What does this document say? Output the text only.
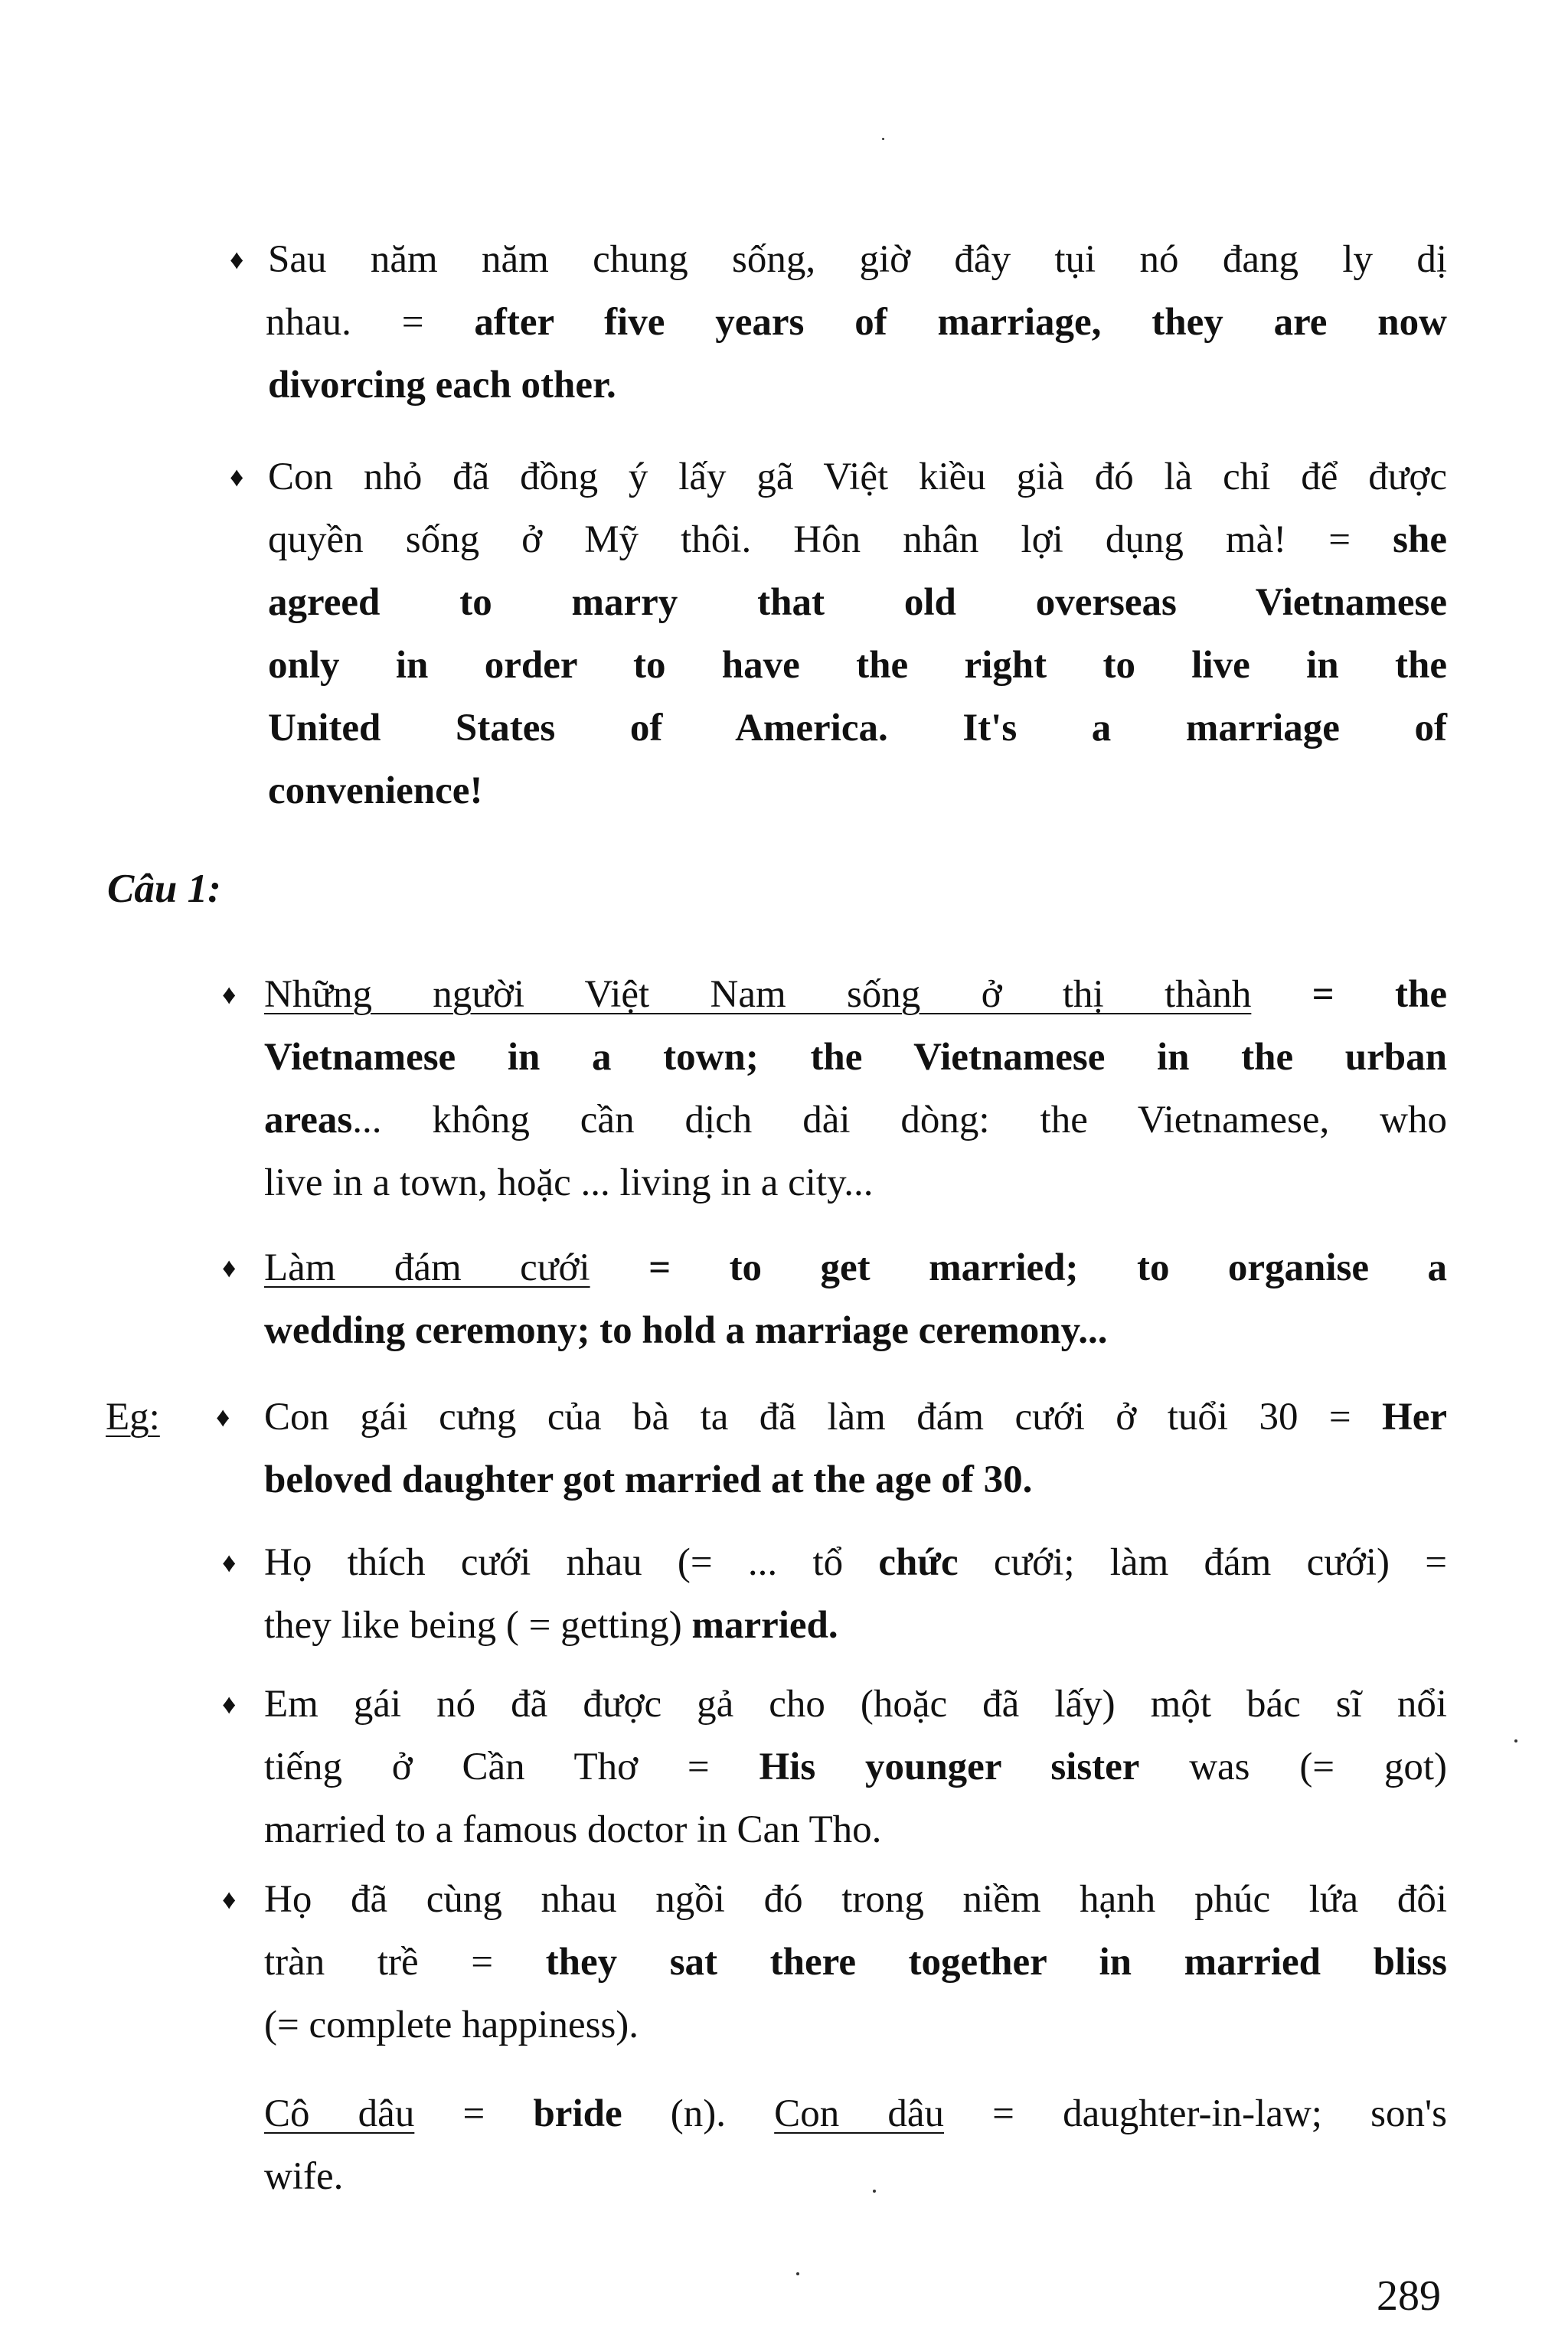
♦ Sau năm năm chung sống, giờ đây tụi nó đang ly dị

nhau. = after five years of marriage, they are now

divorcing each other.

♦ Con nhỏ đã đồng ý lấy gã Việt kiều già đó là chỉ để được

quyền sống ở Mỹ thôi. Hôn nhân lợi dụng mà! = she

agreed to marry that old overseas Vietnamese

only in order to have the right to live in the

United States of America. It's a marriage of

convenience!

Câu 1:
♦ Những người Việt Nam sống ở thị thành = the

Vietnamese in a town; the Vietnamese in the urban

areas... không cần dịch dài dòng: the Vietnamese, who

live in a town, hoặc ... living in a city...

♦ Làm đám cưới = to get married; to organise a

wedding ceremony; to hold a marriage ceremony...

Eg: ♦ Con gái cưng của bà ta đã làm đám cưới ở tuổi 30 = Her

beloved daughter got married at the age of 30.

♦ Họ thích cưới nhau (= ... tổ chức cưới; làm đám cưới) =

they like being ( = getting) married.

♦ Em gái nó đã được gả cho (hoặc đã lấy) một bác sĩ nổi

tiếng ở Cần Thơ = His younger sister was (= got)

married to a famous doctor in Can Tho.

♦ Họ đã cùng nhau ngồi đó trong niềm hạnh phúc lứa đôi

tràn trề = they sat there together in married bliss

(= complete happiness).

Cô dâu = bride (n). Con dâu = daughter-in-law; son's

wife.

289
